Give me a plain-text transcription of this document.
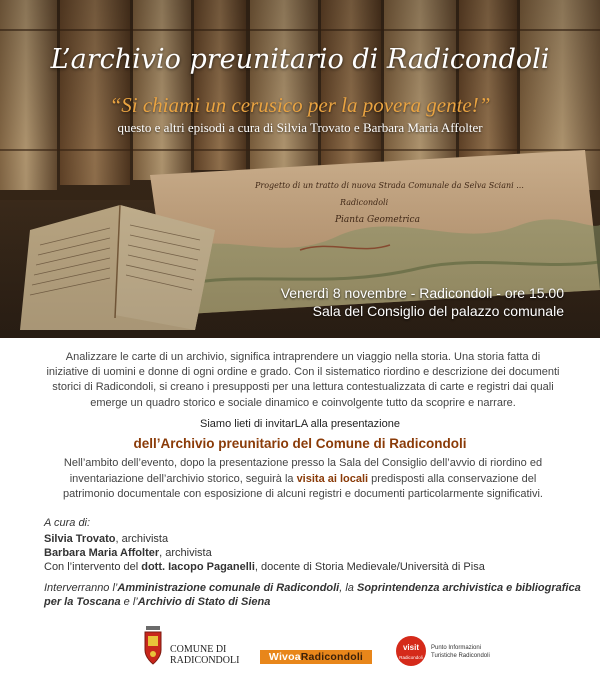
L’archivio preunitario di Radicondoli
“Si chiami un cerusico per la povera gente!”
questo e altri episodi a cura di Silvia Trovato e Barbara Maria Affolter
Venerdì 8 novembre - Radicondoli - ore 15.00
Sala del Consiglio del palazzo comunale
Analizzare le carte di un archivio, significa intraprendere un viaggio nella storia. Una storia fatta di iniziative di uomini e donne di ogni ordine e grado. Con il sistematico riordino e descrizione dei documenti storici di Radicondoli, si creano i presupposti per una lettura contestualizzata di carte e registri dai quali emerge un quadro storico e sociale dinamico e coinvolgente tutto da scoprire e narrare.
Siamo lieti di invitarLA alla presentazione
dell’Archivio preunitario del Comune di Radicondoli
Nell’ambito dell’evento, dopo la presentazione presso la Sala del Consiglio dell’avvio di riordino ed inventariazione dell’archivio storico, seguirà la visita ai locali predisposti alla conservazione del patrimonio documentale con esposizione di alcuni registri e documenti particolarmente significativi.
A cura di:
Silvia Trovato, archivista
Barbara Maria Affolter, archivista
Con l’intervento del dott. Iacopo Paganelli, docente di Storia Medievale/Università di Pisa
Interverranno l’Amministrazione comunale di Radicondoli, la Soprintendenza archivistica e bibliografica per la Toscana e l’Archivio di Stato di Siena
COMUNE DI
RADICONDOLI	WivoaRadicondoli
visit
Radicondoli
Punto Informazioni
Turistiche Radicondoli
